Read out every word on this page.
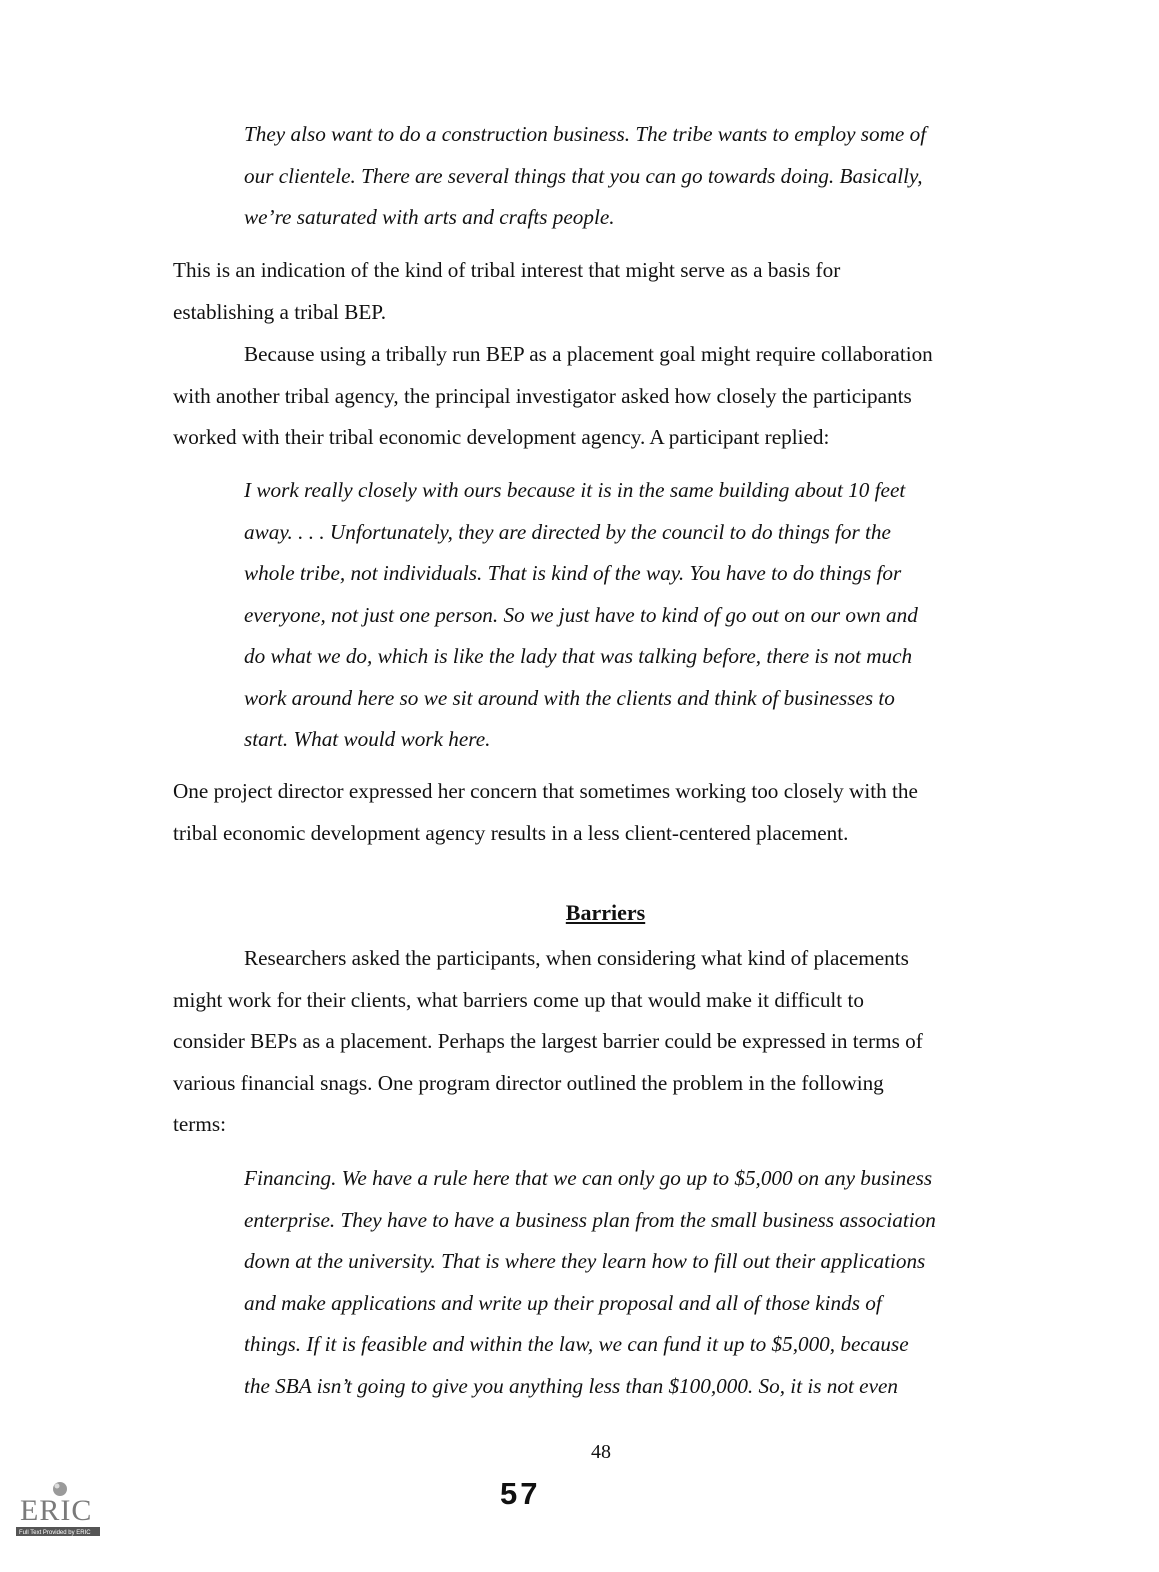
They also want to do a construction business. The tribe wants to employ some of

our clientele. There are several things that you can go towards doing. Basically,

we’re saturated with arts and crafts people.

This is an indication of the kind of tribal interest that might serve as a basis for

establishing a tribal BEP.

Because using a tribally run BEP as a placement goal might require collaboration

with another tribal agency, the principal investigator asked how closely the participants

worked with their tribal economic development agency. A participant replied:

I work really closely with ours because it is in the same building about 10 feet

away. . . . Unfortunately, they are directed by the council to do things for the

whole tribe, not individuals. That is kind of the way. You have to do things for

everyone, not just one person. So we just have to kind of go out on our own and

do what we do, which is like the lady that was talking before, there is not much

work around here so we sit around with the clients and think of businesses to

start. What would work here.

One project director expressed her concern that sometimes working too closely with the

tribal economic development agency results in a less client-centered placement.

Barriers

Researchers asked the participants, when considering what kind of placements

might work for their clients, what barriers come up that would make it difficult to

consider BEPs as a placement. Perhaps the largest barrier could be expressed in terms of

various financial snags. One program director outlined the problem in the following

terms:

Financing. We have a rule here that we can only go up to $5,000 on any business

enterprise. They have to have a business plan from the small business association

down at the university. That is where they learn how to fill out their applications

and make applications and write up their proposal and all of those kinds of

things. If it is feasible and within the law, we can fund it up to $5,000, because

the SBA isn’t going to give you anything less than $100,000. So, it is not even

48
57
ERIC
Full Text Provided by ERIC
